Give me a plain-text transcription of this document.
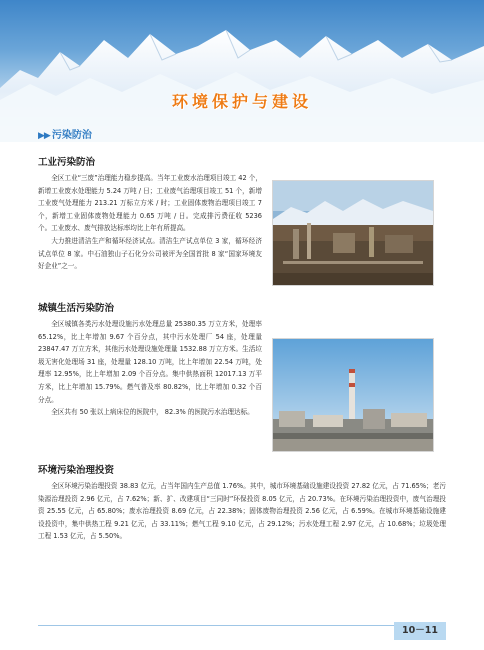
环境保护与建设
▶▶ 污染防治
工业污染防治

全区工业“三废”治理能力稳步提高。当年工业废水治理项目竣工 42 个，新增工业废水处理能力 5.24 万吨 / 日；工业废气治理项目竣工 51 个，新增工业废气处理能力 213.21 万标立方米 / 时；工业固体废物治理项目竣工 7 个，新增工业固体废物处理能力 0.65 万吨 / 日。完成排污费征收 5236 个。工业废水、废气排放达标率均比上年有所提高。

大力推进清洁生产和循环经济试点。清洁生产试点单位 3 家，循环经济试点单位 8 家。中石油独山子石化分公司被评为全国首批 8 家“国家环境友好企业”之一。

城镇生活污染防治

全区城镇各类污水处理设施污水处理总量 25380.35 万立方米，处理率 65.12%，比上年增加 9.67 个百分点，其中污水处理厂 54 座，处理量 23847.47 万立方米，其他污水处理设施处理量 1532.88 万立方米。生活垃圾无害化处理场 31 座，处理量 128.10 万吨，比上年增加 22.54 万吨，处理率 12.95%，比上年增加 2.09 个百分点。集中供热面积 12017.13 万平方米，比上年增加 15.79%。燃气普及率 80.82%，比上年增加 0.32 个百分点。

全区共有 50 张以上病床位的医院中， 82.3% 的医院污水治理达标。

环境污染治理投资

全区环境污染治理投资 38.83 亿元，占当年国内生产总值 1.76%。其中，城市环境基础设施建设投资 27.82 亿元，占 71.65%；老污染源治理投资 2.96 亿元，占 7.62%；新、扩、改建项目“三同时”环保投资 8.05 亿元，占 20.73%。在环境污染治理投资中，废气治理投资 25.55 亿元，占 65.80%；废水治理投资 8.69 亿元，占 22.38%；固体废物治理投资 2.56 亿元，占 6.59%。在城市环境基础设施建设投资中，集中供热工程 9.21 亿元，占 33.11%；燃气工程 9.10 亿元，占 29.12%；污水处理工程 2.97 亿元，占 10.68%；垃圾处理工程 1.53 亿元，占 5.50%。

10－11
